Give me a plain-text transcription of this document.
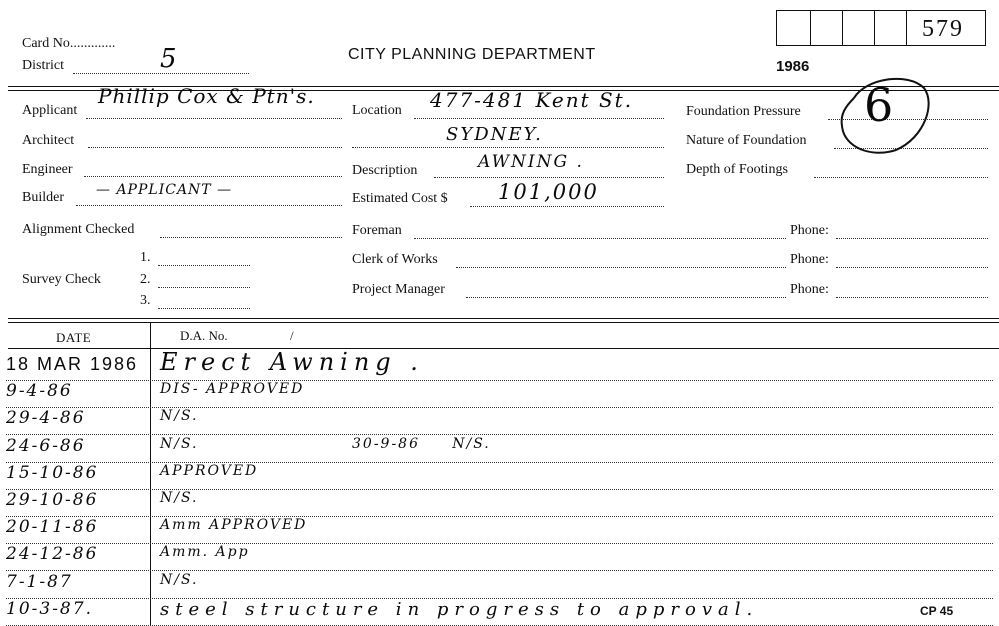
Card No.............
District	5	CITY PLANNING DEPARTMENT
579
1986
Applicant
Phillip Cox & Ptn's.
Architect
Engineer
Builder — APPLICANT —
Alignment Checked
Survey Check
1.
2.
3.
Location 477-481 Kent St.
SYDNEY.
Description	AWNING .
Estimated Cost $ 101,000
Foreman
Clerk of Works
Project Manager
Foundation Pressure
Nature of Foundation
Depth of Footings
6
Phone:
Phone:
Phone:
DATE	D.A. No.	/
18 MAR 1986 Erect Awning .
9-4-86	DIS- APPROVED
29-4-86	N/S.
24-6-86	N/S.	30-9-86     N/S.
15-10-86	APPROVED
29-10-86	N/S.
20-11-86	Amm APPROVED
24-12-86	Amm. App
7-1-87	N/S.
10-3-87.	steel structure in progress to approval.	CP 45
